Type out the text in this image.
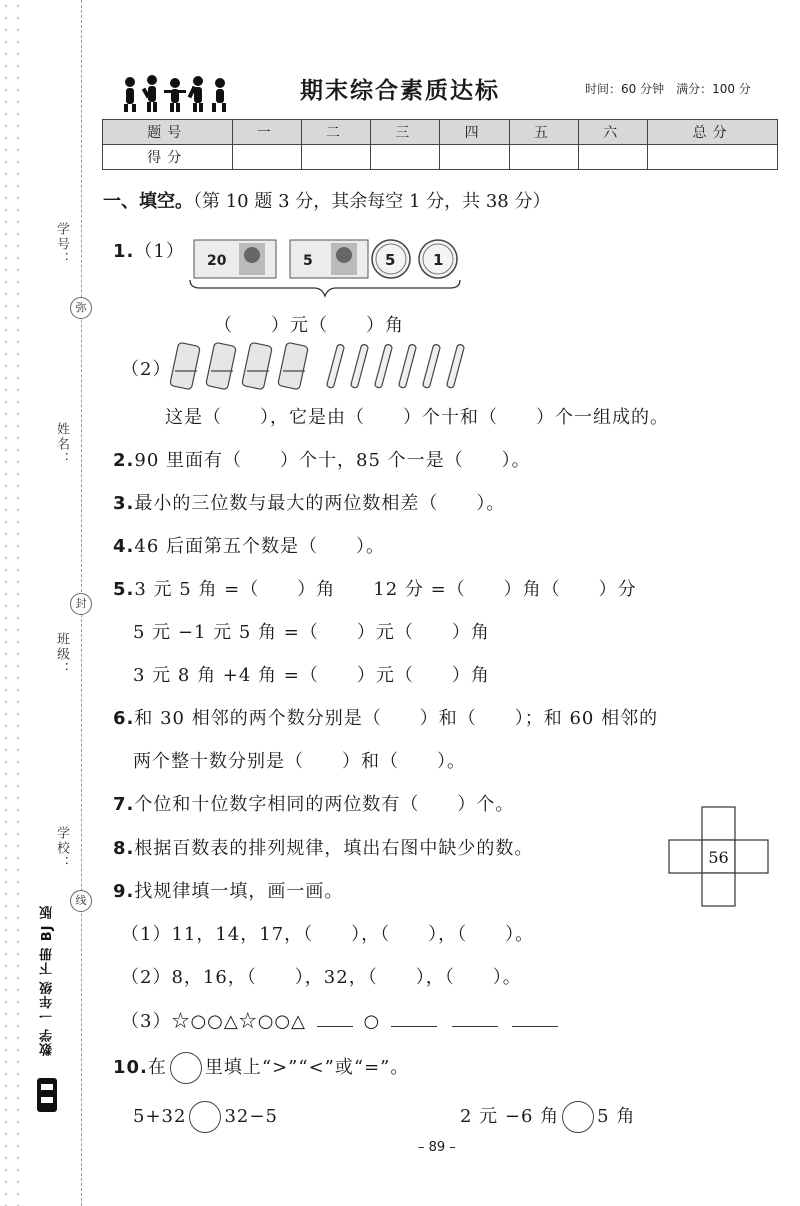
学号：
姓名：
班级：
学校：
弥
封
线
数学 一年级 下册 BJ 版
期末综合素质达标	时间：60 分钟　满分：100 分
题号	一	二	三	四	五	六	总分
得分							
一、填空。（第 10 题 3 分，其余每空 1 分，共 38 分）
1.（1） 20	5	5	1
（　　）元（　　）角
（2）
这是（　　），它是由（　　）个十和（　　）个一组成的。
2.90 里面有（　　）个十，85 个一是（　　）。
3.最小的三位数与最大的两位数相差（　　）。
4.46 后面第五个数是（　　）。
5.3 元 5 角 =（　　）角　　12 分 =（　　）角（　　）分
5 元 −1 元 5 角 =（　　）元（　　）角
3 元 8 角 +4 角 =（　　）元（　　）角
6.和 30 相邻的两个数分别是（　　）和（　　）；和 60 相邻的
两个整十数分别是（　　）和（　　）。
7.个位和十位数字相同的两位数有（　　）个。
8.根据百数表的排列规律，填出右图中缺少的数。	56
9.找规律填一填，画一画。
（1）11，14，17，（　　），（　　），（　　）。
（2）8，16，（　　），32，（　　），（　　）。
（3）☆○○△☆○○△	○
10.在 里填上“>”“<”或“=”。
5+32 32−5	2 元 −6 角 5 角
– 89 –
